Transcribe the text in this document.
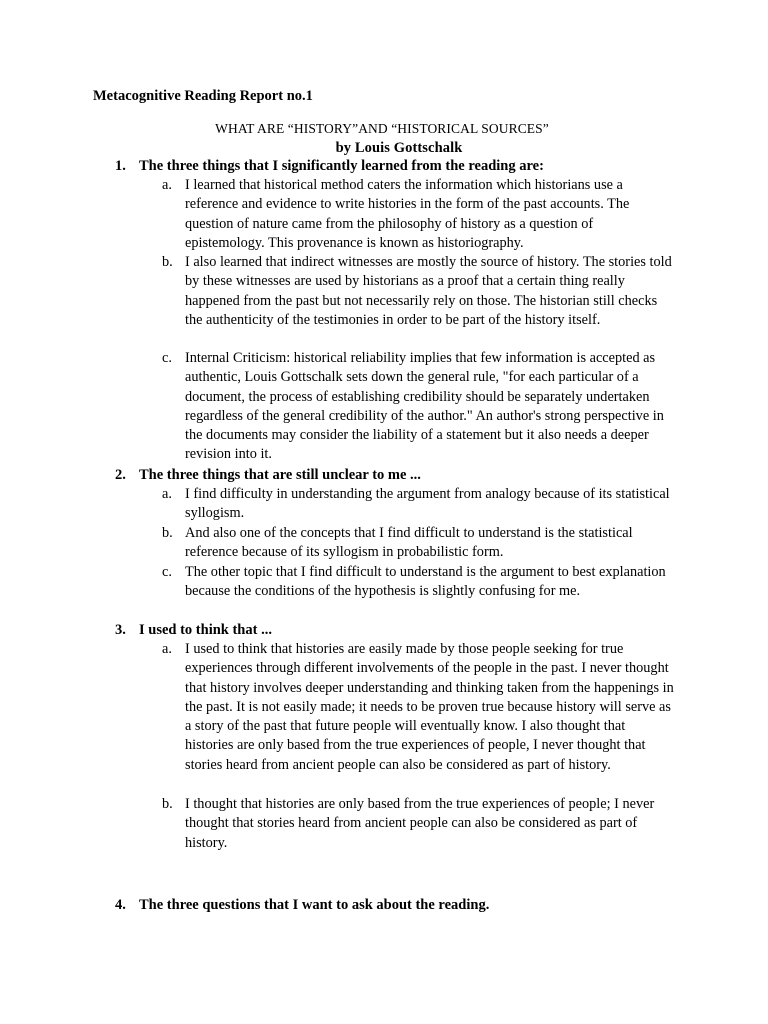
Metacognitive Reading Report no.1
WHAT ARE “HISTORY”AND “HISTORICAL SOURCES”
by Louis Gottschalk
1. The three things that I significantly learned from the reading are:
a. I learned that historical method caters the information which historians use a reference and evidence to write histories in the form of the past accounts. The question of nature came from the philosophy of history as a question of epistemology. This provenance is known as historiography.
b. I also learned that indirect witnesses are mostly the source of history. The stories told by these witnesses are used by historians as a proof that a certain thing really happened from the past but not necessarily rely on those. The historian still checks the authenticity of the testimonies in order to be part of the history itself.
c. Internal Criticism: historical reliability implies that few information is accepted as authentic, Louis Gottschalk sets down the general rule, "for each particular of a document, the process of establishing credibility should be separately undertaken regardless of the general credibility of the author." An author's strong perspective in the documents may consider the liability of a statement but it also needs a deeper revision into it.
2. The three things that are still unclear to me ...
a. I find difficulty in understanding the argument from analogy because of its statistical syllogism.
b. And also one of the concepts that I find difficult to understand is the statistical reference because of its syllogism in probabilistic form.
c. The other topic that I find difficult to understand is the argument to best explanation because the conditions of the hypothesis is slightly confusing for me.
3. I used to think that ...
a. I used to think that histories are easily made by those people seeking for true experiences through different involvements of the people in the past. I never thought that history involves deeper understanding and thinking taken from the happenings in the past. It is not easily made; it needs to be proven true because history will serve as a story of the past that future people will eventually know. I also thought that histories are only based from the true experiences of people, I never thought that stories heard from ancient people can also be considered as part of history.
b. I thought that histories are only based from the true experiences of people; I never thought that stories heard from ancient people can also be considered as part of history.
4. The three questions that I want to ask about the reading.
